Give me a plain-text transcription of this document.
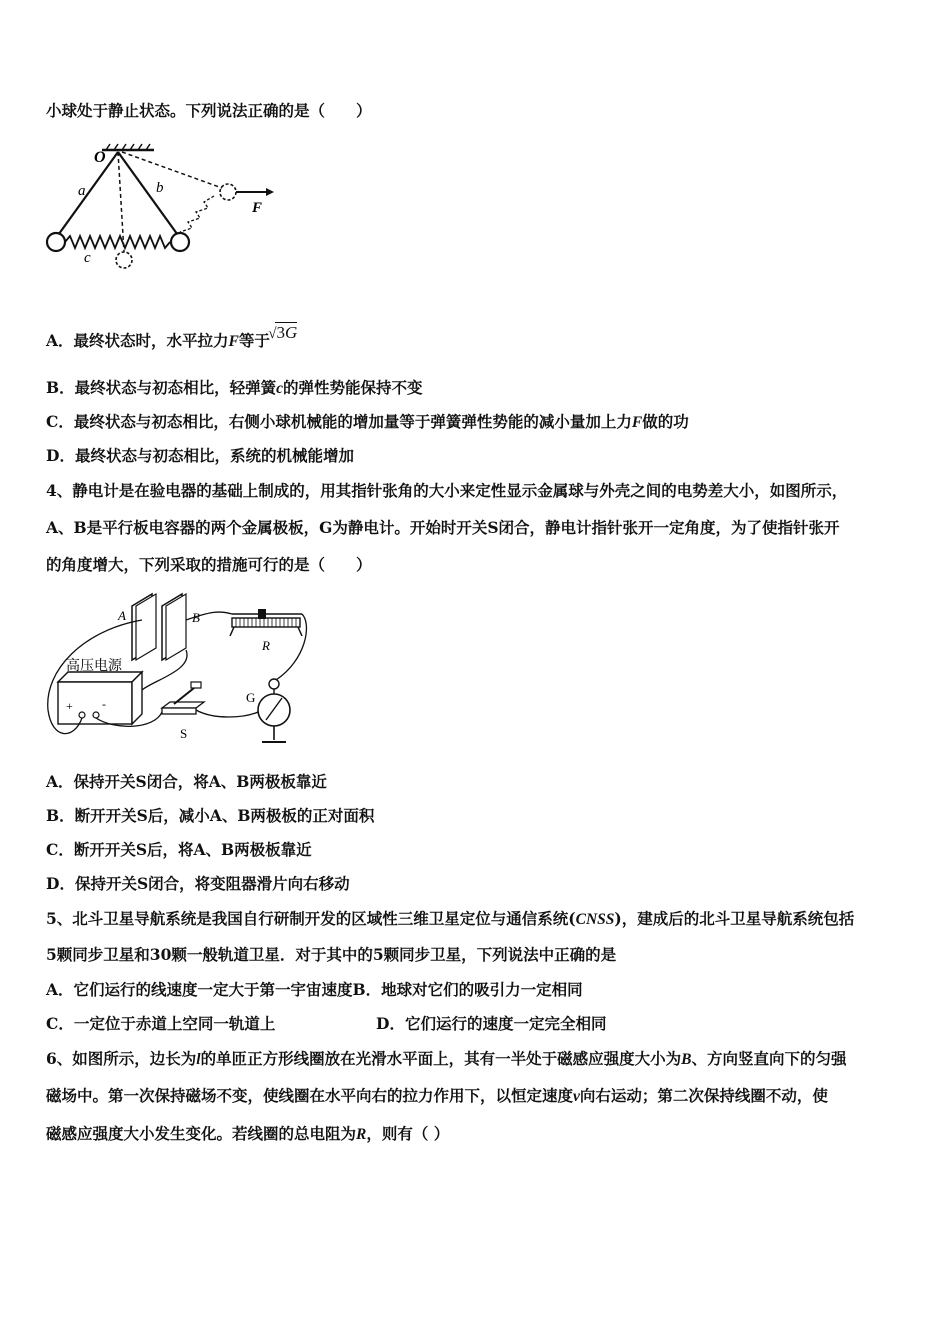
小球处于静止状态。下列说法正确的是（　　）
O
a	b
F
c
A．最终状态时，水平拉力F等于 √3G
B．最终状态与初态相比，轻弹簧c的弹性势能保持不变
C．最终状态与初态相比，右侧小球机械能的增加量等于弹簧弹性势能的减小量加上力F做的功
D．最终状态与初态相比，系统的机械能增加
4、静电计是在验电器的基础上制成的，用其指针张角的大小来定性显示金属球与外壳之间的电势差大小，如图所示，
A、B是平行板电容器的两个金属极板，G为静电计。开始时开关S闭合，静电计指针张开一定角度，为了使指针张开
的角度增大，下列采取的措施可行的是（　　）
A	B
R
高压电源
+ -
S
G
A．保持开关S闭合，将A、B两极板靠近
B．断开开关S后，减小A、B两极板的正对面积
C．断开开关S后，将A、B两极板靠近
D．保持开关S闭合，将变阻器滑片向右移动
5、北斗卫星导航系统是我国自行研制开发的区域性三维卫星定位与通信系统(CNSS)，建成后的北斗卫星导航系统包括
5颗同步卫星和30颗一般轨道卫星．对于其中的5颗同步卫星，下列说法中正确的是
A．它们运行的线速度一定大于第一宇宙速度B．地球对它们的吸引力一定相同
C．一定位于赤道上空同一轨道上	D．它们运行的速度一定完全相同
6、如图所示，边长为l的单匝正方形线圈放在光滑水平面上，其有一半处于磁感应强度大小为B、方向竖直向下的匀强
磁场中。第一次保持磁场不变，使线圈在水平向右的拉力作用下，以恒定速度v向右运动；第二次保持线圈不动，使
磁感应强度大小发生变化。若线圈的总电阻为R，则有（ ）
